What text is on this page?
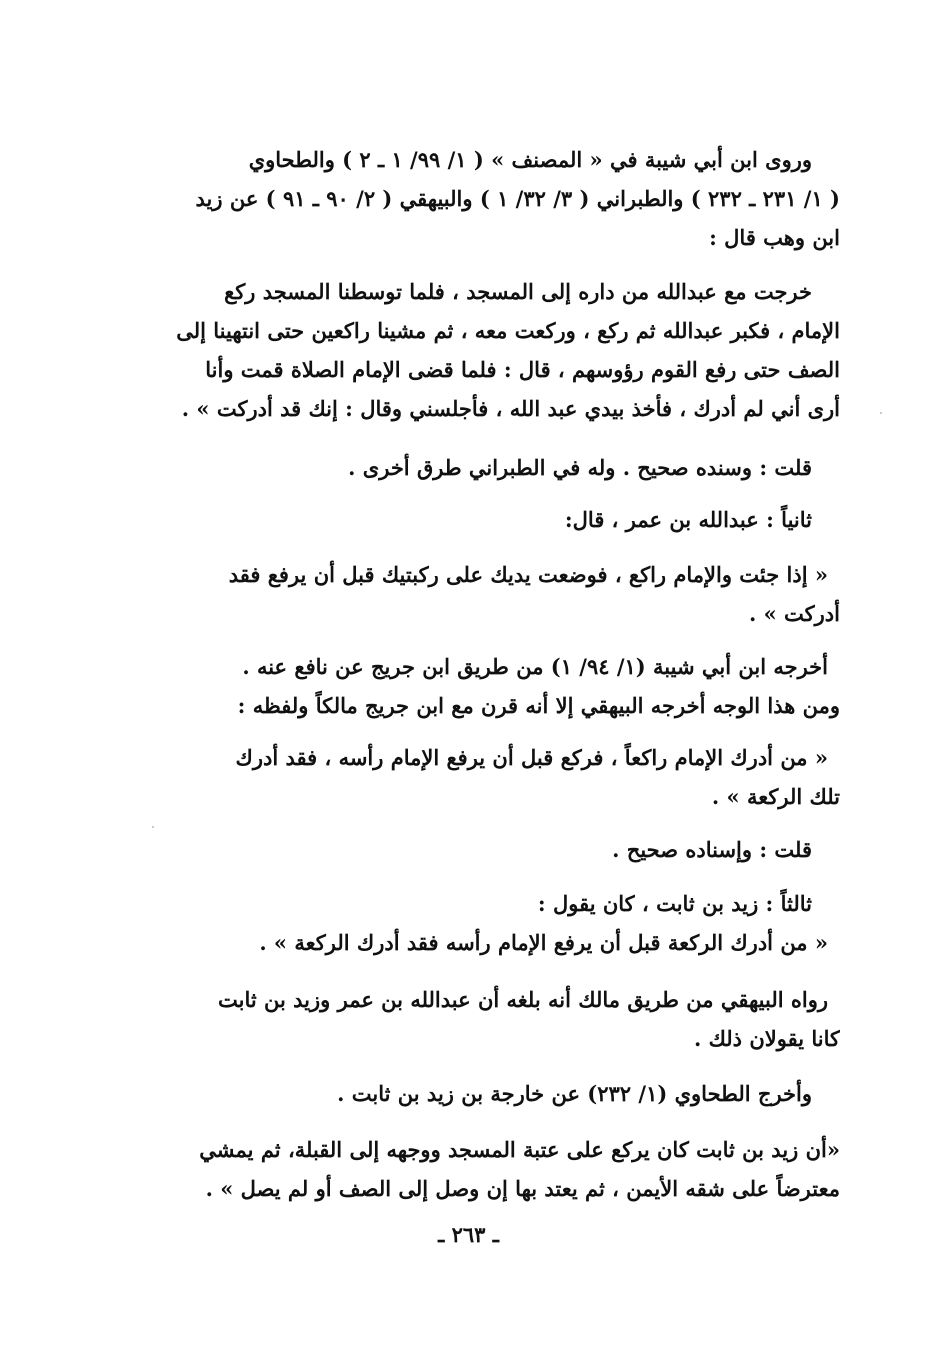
وروى ابن أبي شيبة في « المصنف » ( ١/ ٩٩/ ١ ـ ٢ ) والطحاوي
( ١/ ٢٣١ ـ ٢٣٢ ) والطبراني ( ٣/ ٣٢/ ١ ) والبيهقي ( ٢/ ٩٠ ـ ٩١ ) عن زيد
ابن وهب قال :
خرجت مع عبدالله من داره إلى المسجد ، فلما توسطنا المسجد ركع
الإمام ، فكبر عبدالله ثم ركع ، وركعت معه ، ثم مشينا راكعين حتى انتهينا إلى
الصف حتى رفع القوم رؤوسهم ، قال : فلما قضى الإمام الصلاة قمت وأنا
أرى أني لم أدرك ، فأخذ بيدي عبد الله ، فأجلسني وقال : إنك قد أدركت » .
قلت : وسنده صحيح . وله في الطبراني طرق أخرى .
ثانياً : عبدالله بن عمر ، قال:
« إذا جئت والإمام راكع ، فوضعت يديك على ركبتيك قبل أن يرفع فقد
أدركت » .
أخرجه ابن أبي شيبة (١/ ٩٤/ ١) من طريق ابن جريج عن نافع عنه .
ومن هذا الوجه أخرجه البيهقي إلا أنه قرن مع ابن جريج مالكاً ولفظه :
« من أدرك الإمام راكعاً ، فركع قبل أن يرفع الإمام رأسه ، فقد أدرك
تلك الركعة » .
قلت : وإسناده صحيح .
ثالثاً : زيد بن ثابت ، كان يقول :
« من أدرك الركعة قبل أن يرفع الإمام رأسه فقد أدرك الركعة » .
رواه البيهقي من طريق مالك أنه بلغه أن عبدالله بن عمر وزيد بن ثابت
كانا يقولان ذلك .
وأخرج الطحاوي (١/ ٢٣٢) عن خارجة بن زيد بن ثابت .
«أن زيد بن ثابت كان يركع على عتبة المسجد ووجهه إلى القبلة، ثم يمشي
معترضاً على شقه الأيمن ، ثم يعتد بها إن وصل إلى الصف أو لم يصل » .
ـ ٢٦٣ ـ
